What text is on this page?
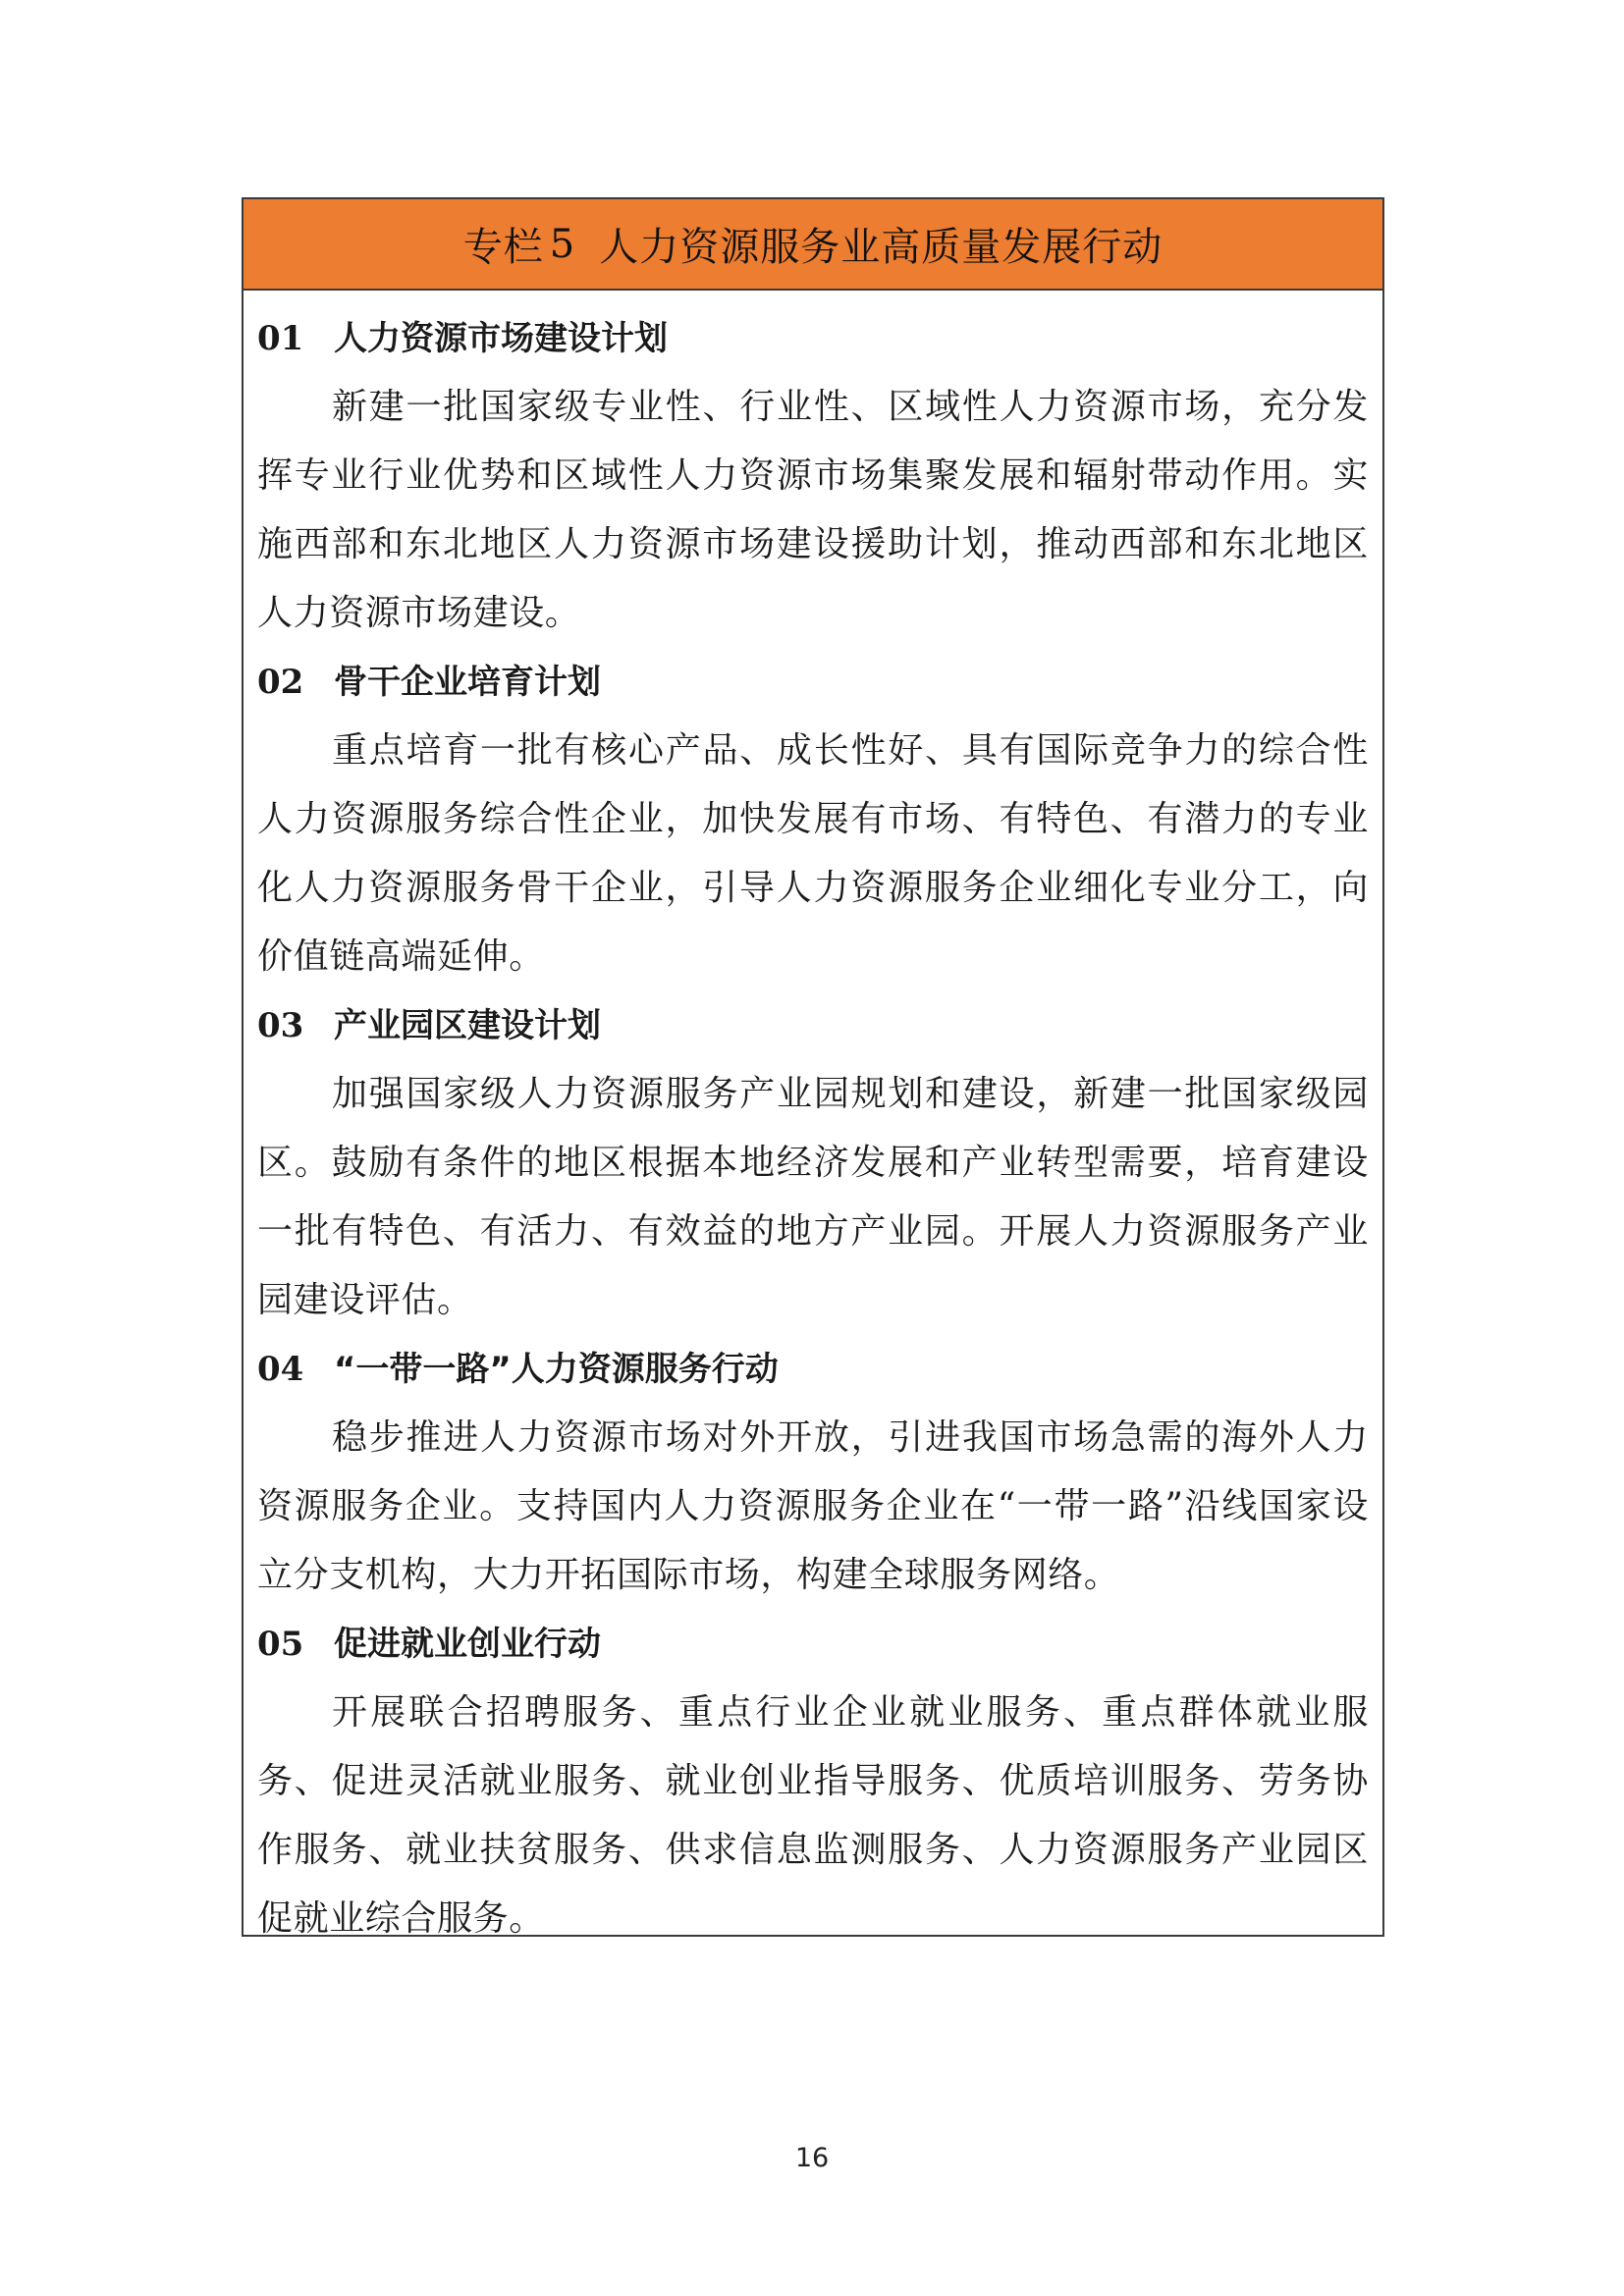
专栏 5 人力资源服务业高质量发展行动
01 人力资源市场建设计划

新建一批国家级专业性、行业性、区域性人力资源市场，充分发挥专业行业优势和区域性人力资源市场集聚发展和辐射带动作用。实施西部和东北地区人力资源市场建设援助计划，推动西部和东北地区人力资源市场建设。

02 骨干企业培育计划

重点培育一批有核心产品、成长性好、具有国际竞争力的综合性人力资源服务综合性企业，加快发展有市场、有特色、有潜力的专业化人力资源服务骨干企业，引导人力资源服务企业细化专业分工，向价值链高端延伸。

03 产业园区建设计划

加强国家级人力资源服务产业园规划和建设，新建一批国家级园区。鼓励有条件的地区根据本地经济发展和产业转型需要，培育建设一批有特色、有活力、有效益的地方产业园。开展人力资源服务产业园建设评估。

04 “一带一路”人力资源服务行动

稳步推进人力资源市场对外开放，引进我国市场急需的海外人力资源服务企业。支持国内人力资源服务企业在“一带一路”沿线国家设立分支机构，大力开拓国际市场，构建全球服务网络。

05 促进就业创业行动

开展联合招聘服务、重点行业企业就业服务、重点群体就业服务、促进灵活就业服务、就业创业指导服务、优质培训服务、劳务协作服务、就业扶贫服务、供求信息监测服务、人力资源服务产业园区促就业综合服务。

16
